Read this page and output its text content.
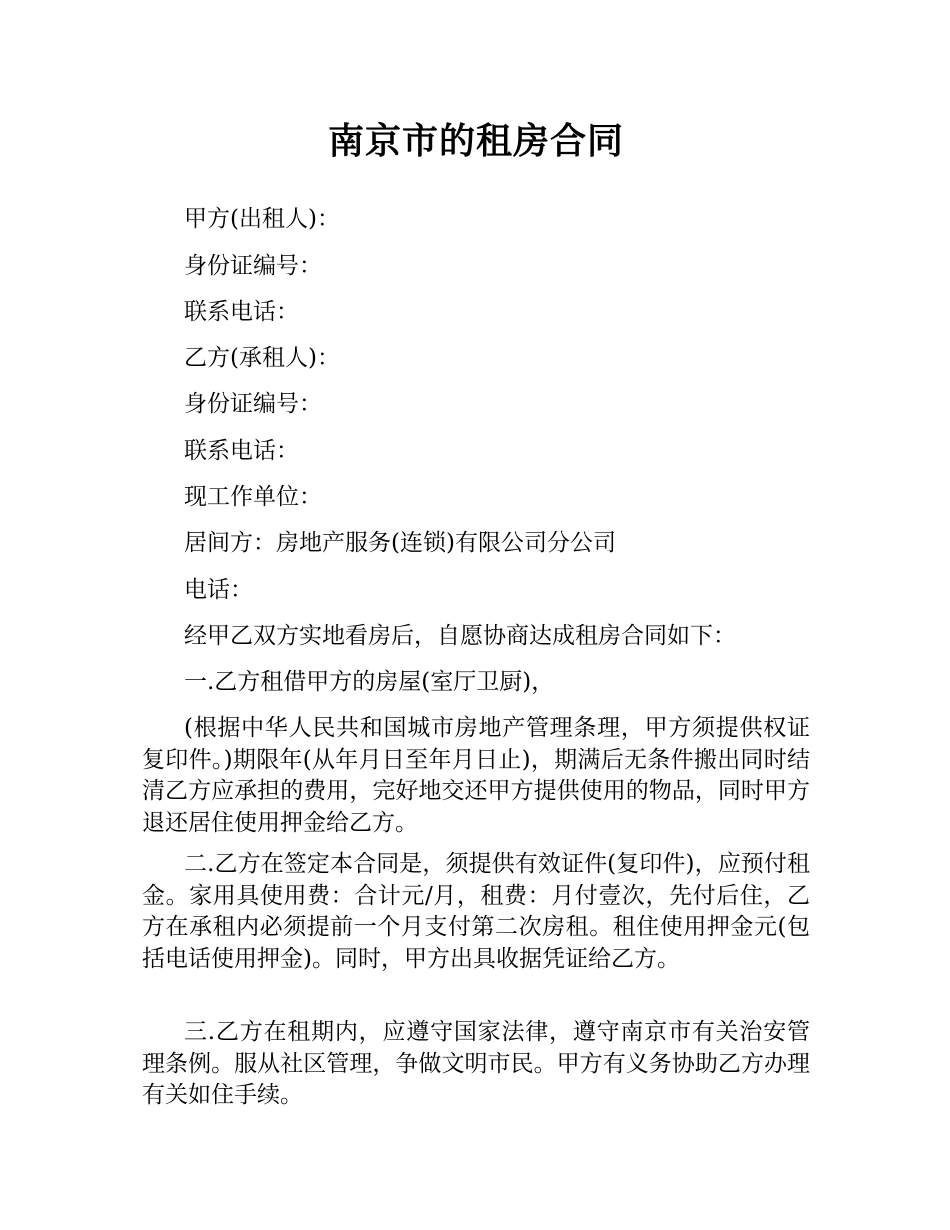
南京市的租房合同

甲方(出租人)：

身份证编号：

联系电话：

乙方(承租人)：

身份证编号：

联系电话：

现工作单位：

居间方：房地产服务(连锁)有限公司分公司

电话：

经甲乙双方实地看房后，自愿协商达成租房合同如下：

一.乙方租借甲方的房屋(室厅卫厨)，

(根据中华人民共和国城市房地产管理条理，甲方须提供权证复印件。)期限年(从年月日至年月日止)，期满后无条件搬出同时结清乙方应承担的费用，完好地交还甲方提供使用的物品，同时甲方退还居住使用押金给乙方。

二.乙方在签定本合同是，须提供有效证件(复印件)，应预付租金。家用具使用费：合计元/月，租费：月付壹次，先付后住，乙方在承租内必须提前一个月支付第二次房租。租住使用押金元(包括电话使用押金)。同时，甲方出具收据凭证给乙方。

三.乙方在租期内，应遵守国家法律，遵守南京市有关治安管理条例。服从社区管理，争做文明市民。甲方有义务协助乙方办理有关如住手续。
